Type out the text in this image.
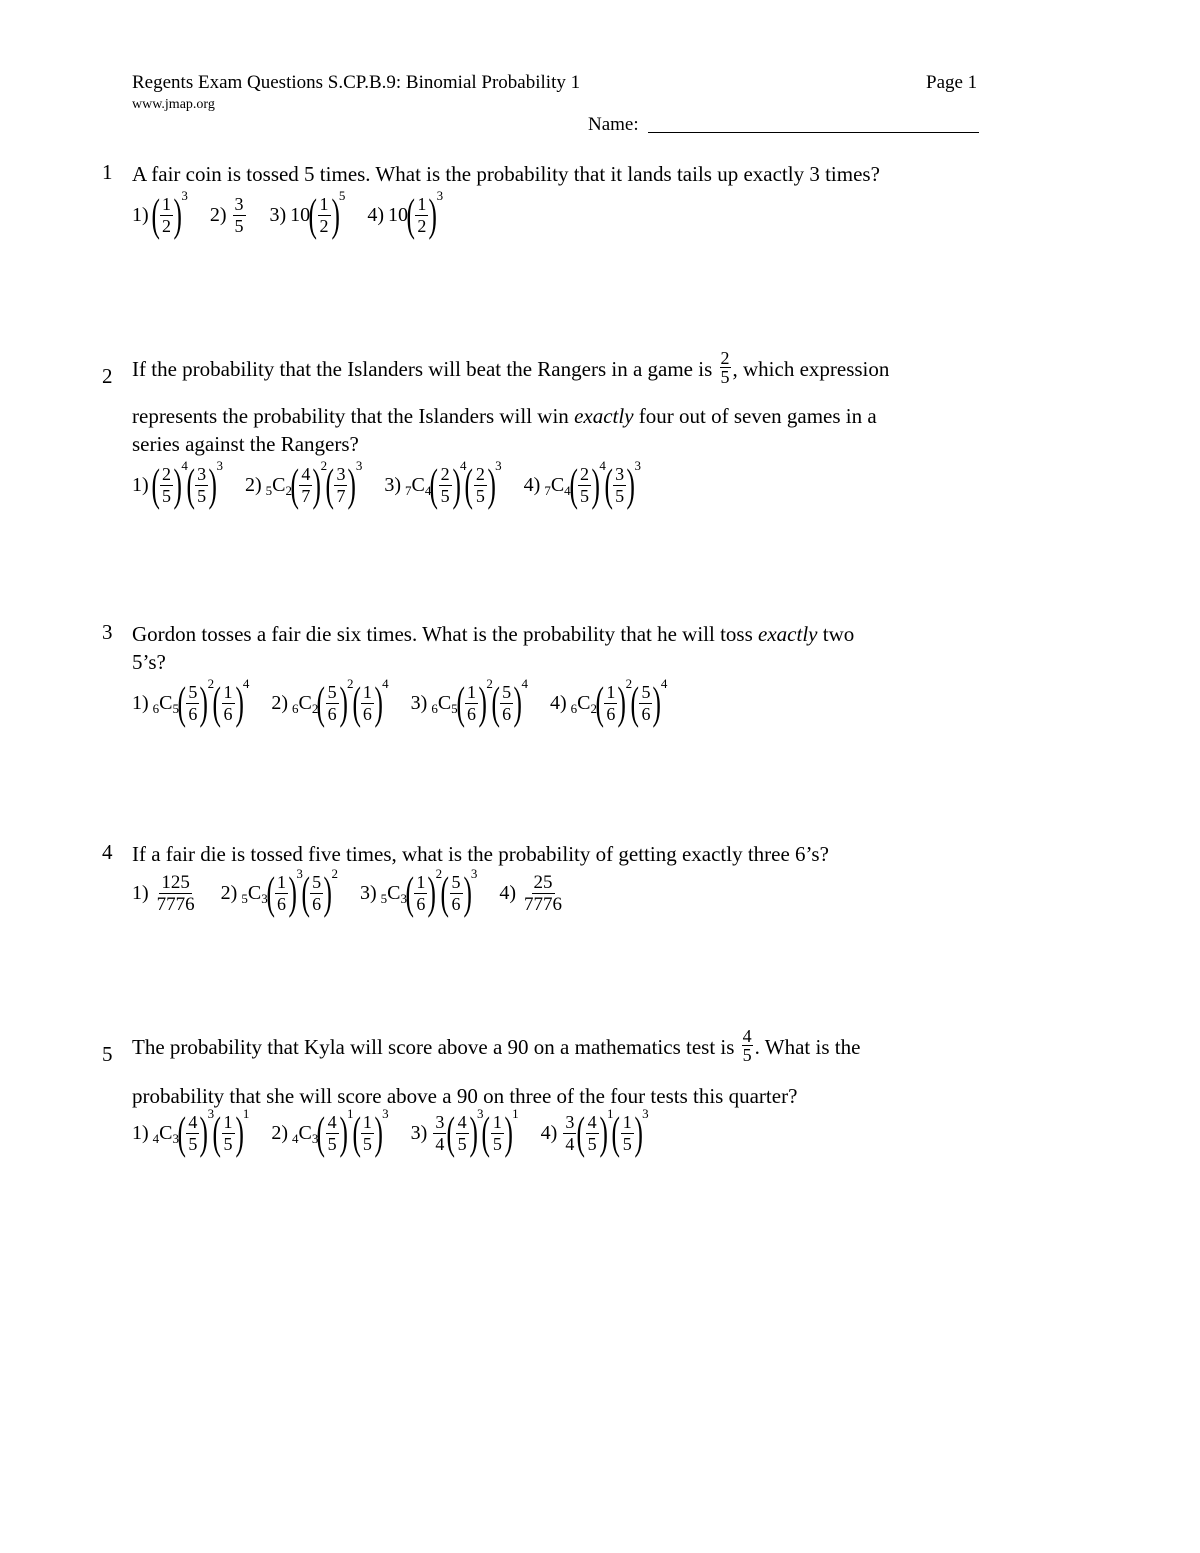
Regents Exam Questions S.CP.B.9: Binomial Probability 1
www.jmap.org
Page 1
Name:
1 A fair coin is tossed 5 times. What is the probability that it lands tails up exactly 3 times?
1) ( $\frac{1}{2}$ ) 3
$2) \frac{3}{5} 3$) 10
( $\frac{1}{2}$ ) 5
4) 10
( $\frac{1}{2}$ ) 3
2 If the probability that the Islanders will beat the Rangers in a game is $\frac{2}{5}$ , which expression
represents the probability that the Islanders will win exactly four out of seven games in a
series against the Rangers?
1) ( $\frac{2}{5}$ ) 4
( $\frac{3}{5}$ ) 3
2) 5 C 2
( $\frac{4}{7}$ ) 2
( $\frac{3}{7}$ ) 3
3) 7 C 4
( $\frac{2}{5}$ ) 4
( $\frac{2}{5}$ ) 3
4) 7 C 4
( $\frac{2}{5}$ ) 4
( $\frac{3}{5}$ ) 3
3 Gordon tosses a fair die six times. What is the probability that he will toss exactly two
5’s?
1) 6 C 5
( $\frac{5}{6}$ ) 2
( $\frac{1}{6}$ ) 4
2) 6 C 2
( $\frac{5}{6}$ ) 2
( $\frac{1}{6}$ ) 4
3) 6 C 5
( $\frac{1}{6}$ ) 2
( $\frac{5}{6}$ ) 4
4) 6 C 2
( $\frac{1}{6}$ ) 2
( $\frac{5}{6}$ ) 4
4 If a fair die is tossed five times, what is the probability of getting exactly three 6’s?
$1) \frac{125}{7776} 2$) 5 C 3
( $\frac{1}{6}$ ) 3
( $\frac{5}{6}$ ) 2
3) 5 C 3
( $\frac{1}{6}$ ) 2
( $\frac{5}{6}$ ) 3
$4) \frac{25}{7776}$
5 The probability that Kyla will score above a 90 on a mathematics test is $\frac{4}{5}$ . What is the
probability that she will score above a 90 on three of the four tests this quarter?
1) 4 C 3
( $\frac{4}{5}$ ) 3
( $\frac{1}{5}$ ) 1
2) 4 C 3
( $\frac{4}{5}$ ) 1
( $\frac{1}{5}$ ) 3
$3) \frac{3}{4}$ ( $\frac{4}{5}$ ) 3
( $\frac{1}{5}$ ) 1
$4) \frac{3}{4}$ ( $\frac{4}{5}$ ) 1
( $\frac{1}{5}$ ) 3
